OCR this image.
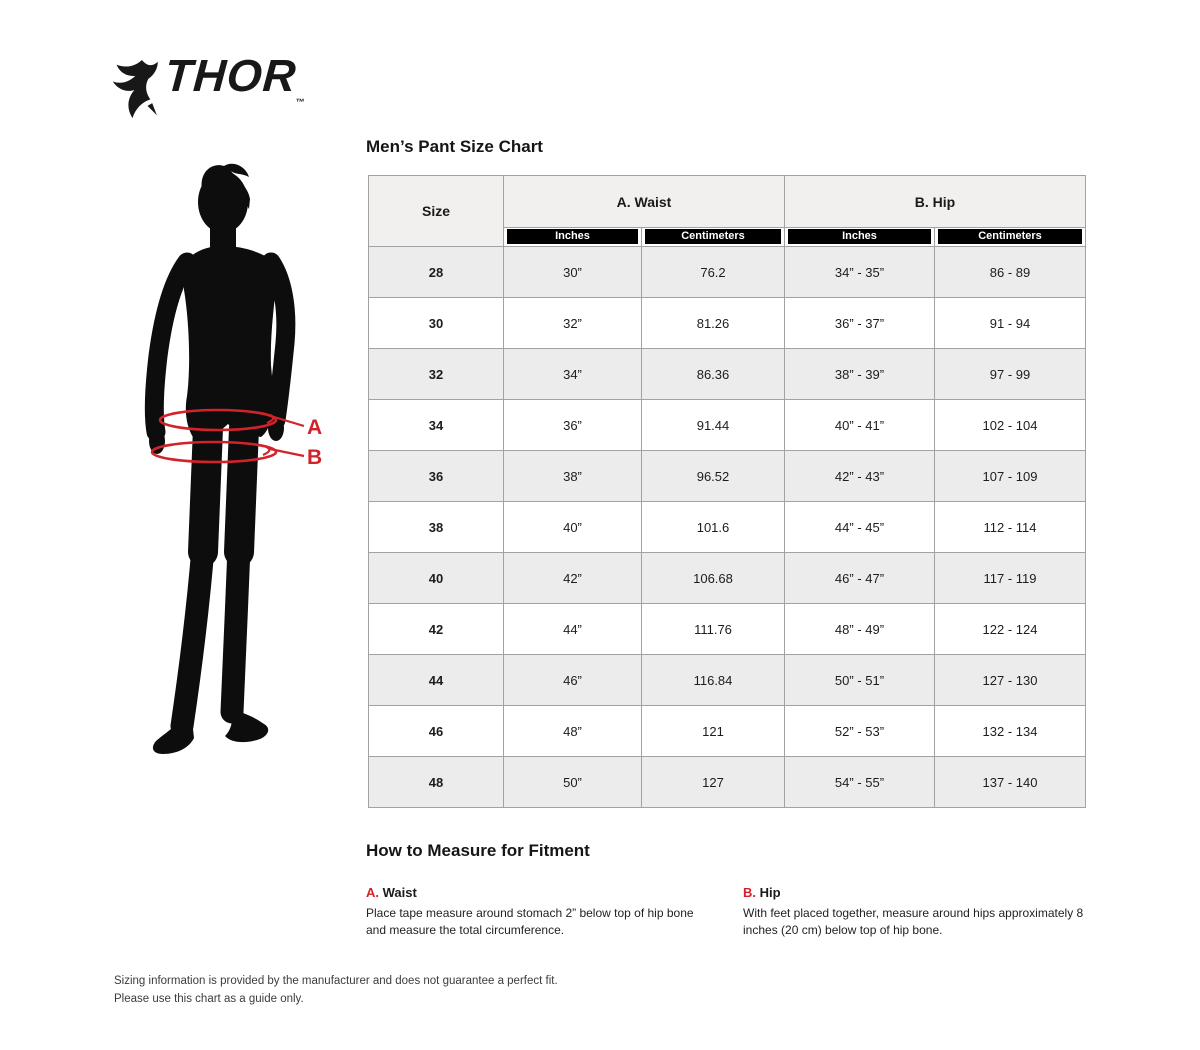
$THOR_™$
A
B
Men’s Pant Size Chart
Size	A. Waist		B. Hip	

	Inches	Centimeters	Inches	Centimeters

28	30”	76.2	34” - 35”	86 - 89
30	32”	81.26	36” - 37”	91 - 94
32	34”	86.36	38” - 39”	97 - 99
34	36”	91.44	40” - 41”	102 - 104
36	38”	96.52	42” - 43”	107 - 109
38	40”	101.6	44” - 45”	112 - 114
40	42”	106.68	46” - 47”	117 - 119
42	44”	111.76	48” - 49”	122 - 124
44	46”	116.84	50” - 51”	127 - 130
46	48”	121	52” - 53”	132 - 134
48	50”	127	54” - 55”	137 - 140
How to Measure for Fitment
A. Waist

Place tape measure around stomach 2” below top of hip bone and measure the total circumference.

B. Hip

With feet placed together, measure around hips approximately 8 inches (20 cm) below top of hip bone.

Sizing information is provided by the manufacturer and does not guarantee a perfect fit.
Please use this chart as a guide only.
